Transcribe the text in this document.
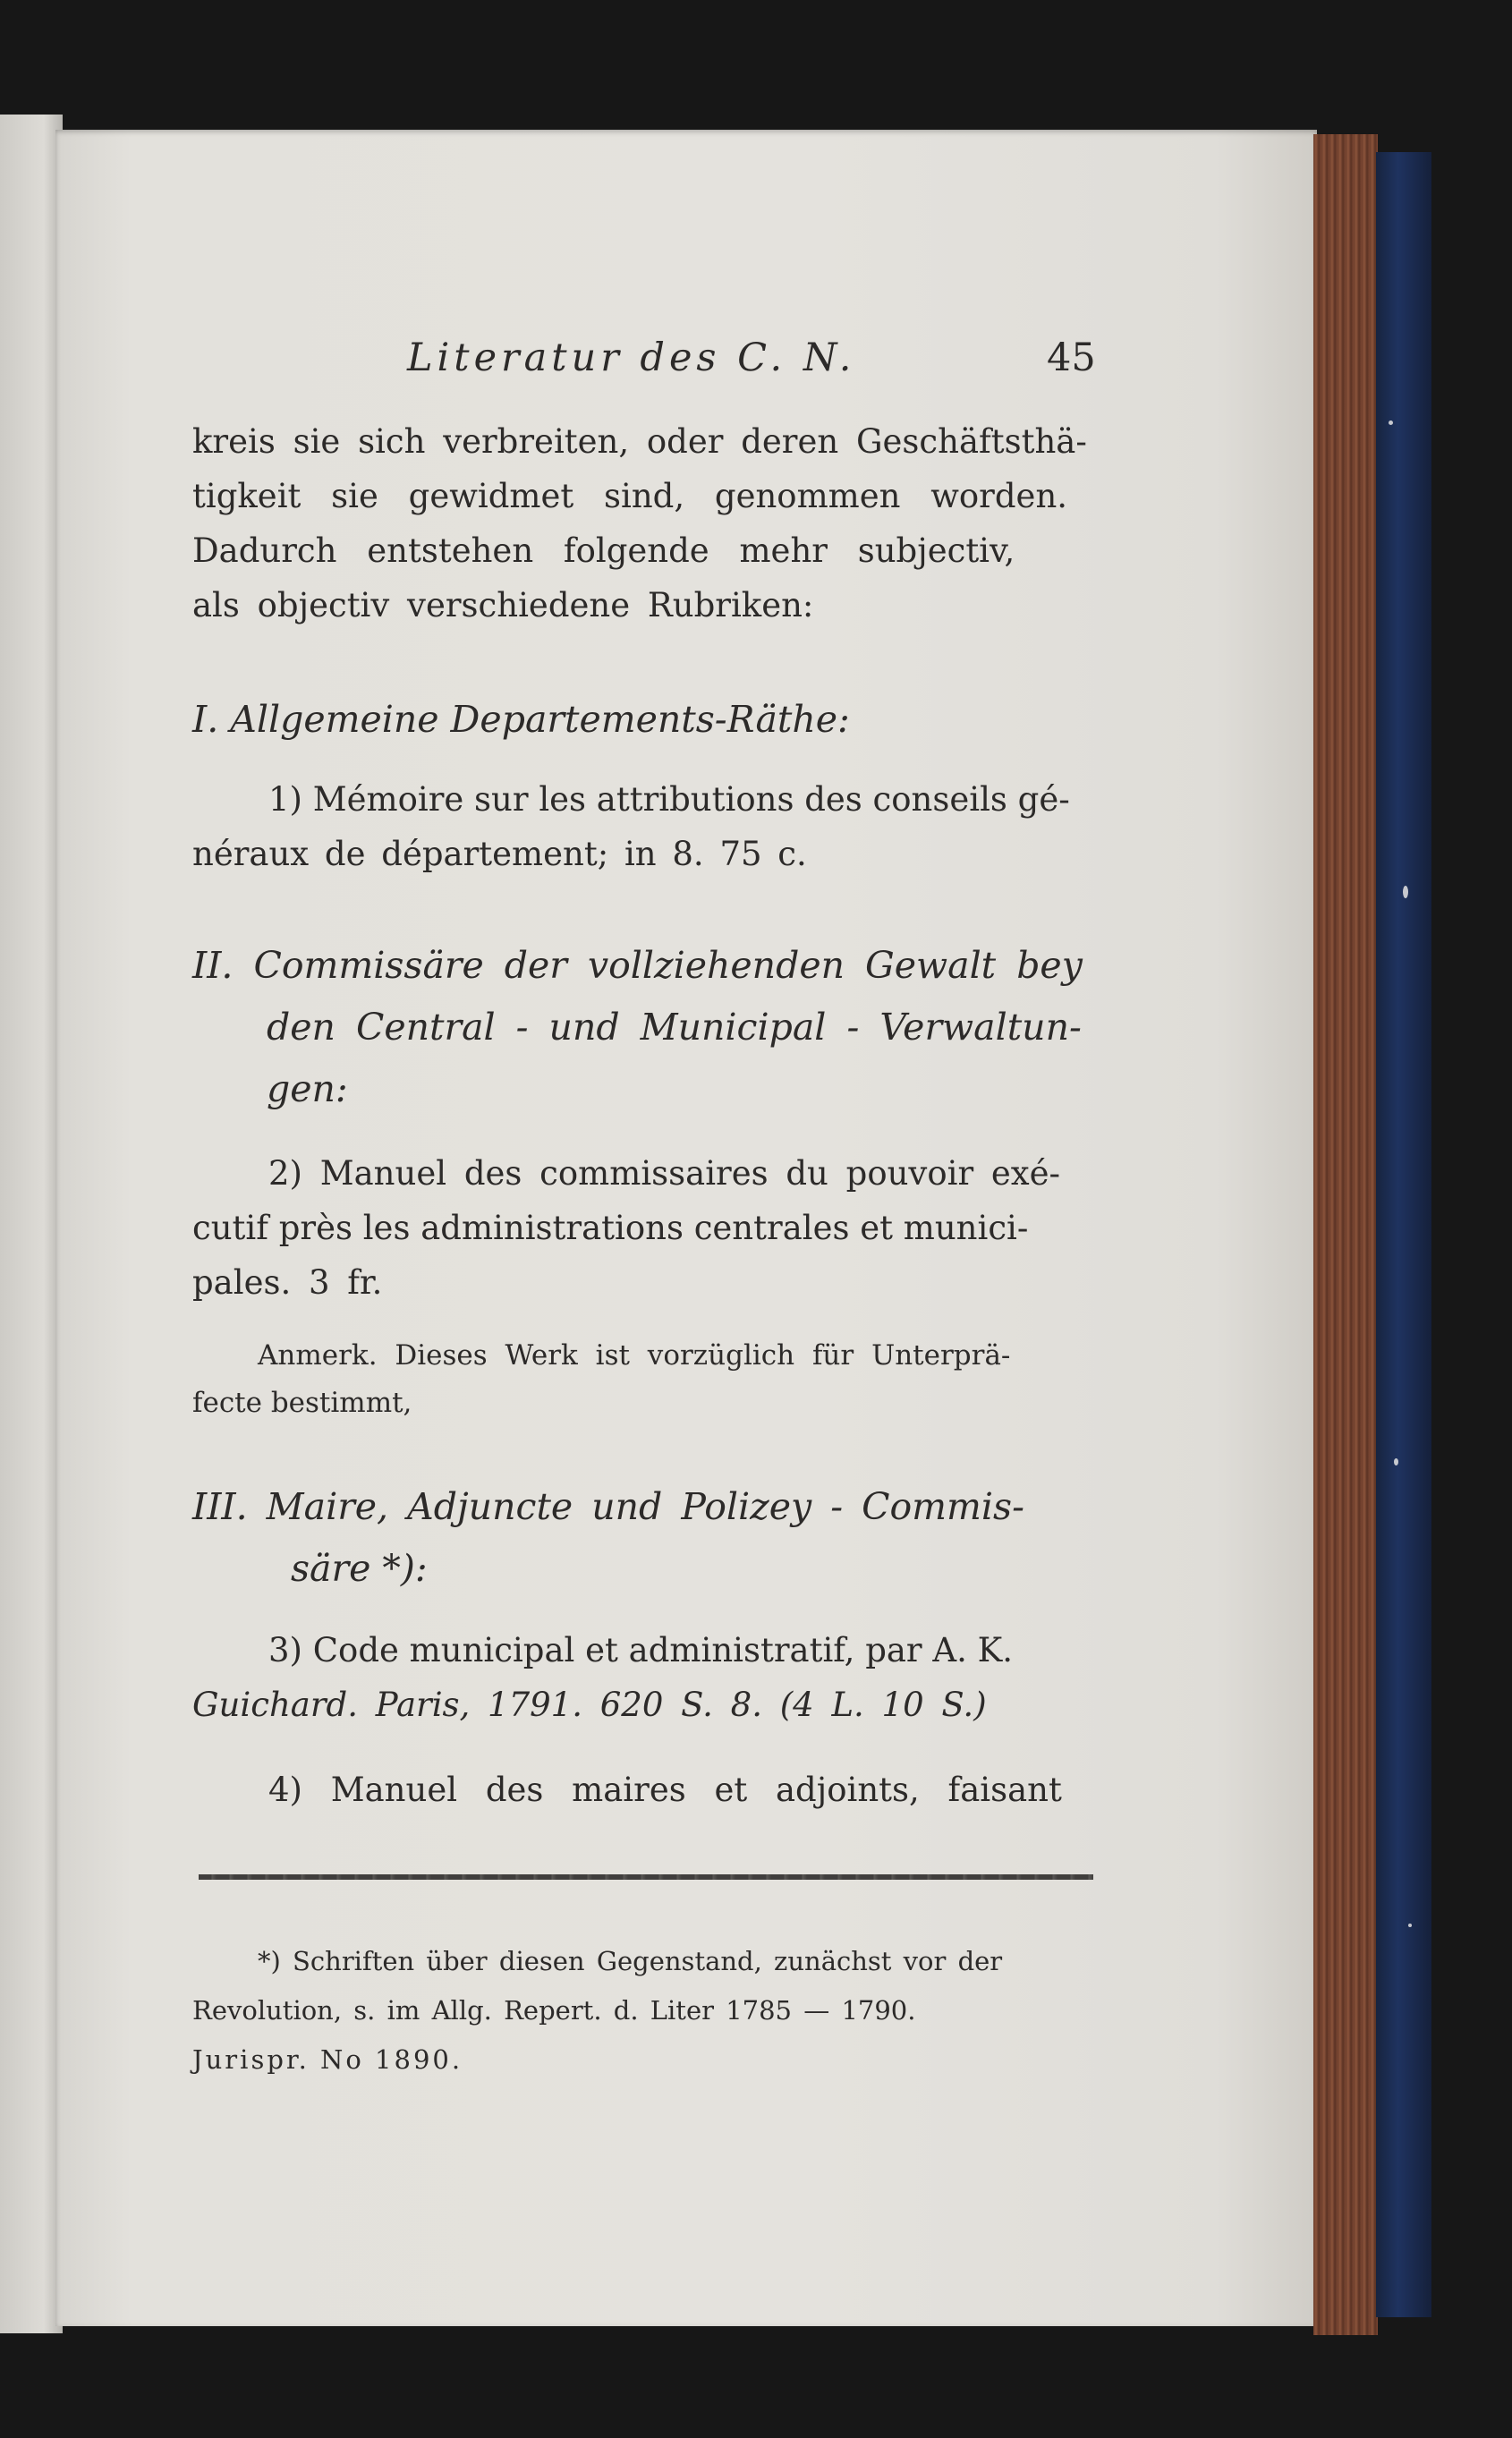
Literatur des C. N.	45
kreis sie sich verbreiten, oder deren Geschäftsthä-
tigkeit sie gewidmet sind, genommen worden.
Dadurch entstehen folgende mehr subjectiv,
als objectiv verschiedene Rubriken:
I. Allgemeine Departements-Räthe:
1) Mémoire sur les attributions des conseils gé-
néraux de département; in 8. 75 c.
II. Commissäre der vollziehenden Gewalt bey
den Central - und Municipal - Verwaltun-
gen:
2) Manuel des commissaires du pouvoir exé-
cutif près les administrations centrales et munici-
pales. 3 fr.
Anmerk. Dieses Werk ist vorzüglich für Unterprä-
fecte bestimmt,
III. Maire, Adjuncte und Polizey - Commis-
säre *):
3) Code municipal et administratif, par A. K.
Guichard. Paris, 1791. 620 S. 8. (4 L. 10 S.)
4) Manuel des maires et adjoints, faisant
*) Schriften über diesen Gegenstand, zunächst vor der
Revolution, s. im Allg. Repert. d. Liter 1785 — 1790.
Jurispr. No 1890.
